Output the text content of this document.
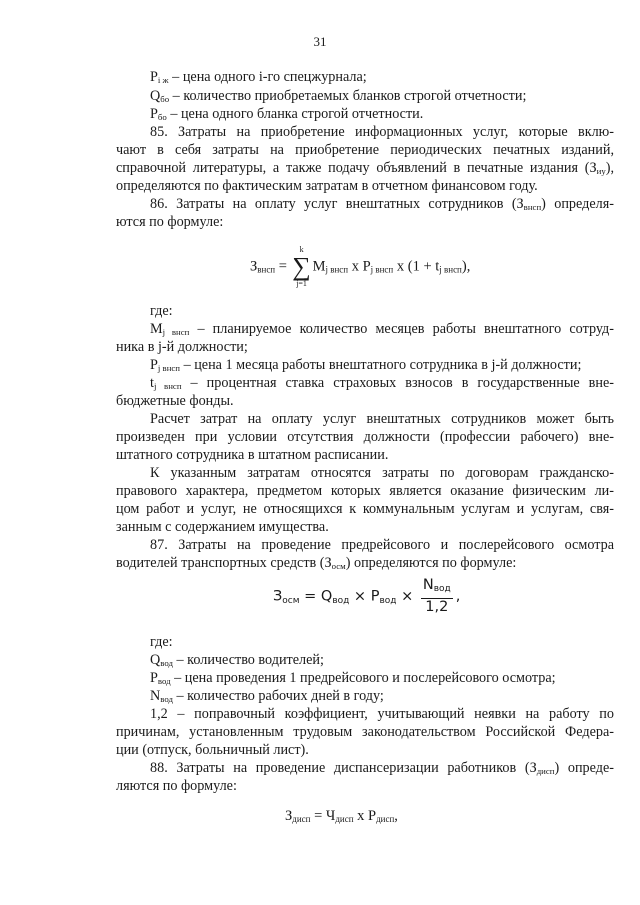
31
$P_{i ж}$ – цена одного i-го спецжурнала;
$Q_{бо}$ – количество приобретаемых бланков строгой отчетности;
$P_{бо}$ – цена одного бланка строгой отчетности.
85. Затраты на приобретение информационных услуг, которые вклю-
чают в себя затраты на приобретение периодических печатных изданий,
справочной литературы, а также подачу объявлений в печатные издания $(З_{иу})$,
определяются по фактическим затратам в отчетном финансовом году.
86. Затраты на оплату услуг внештатных сотрудников $(З_{внсп})$ определя-
ются по формуле:
$З_{внсп}$ =
k
∑
j=1
$M_{j внсп}$ x $P_{j внсп}$ x $(1 + t_{j внсп})$,
где:
$M_{j внсп}$ – планируемое количество месяцев работы внештатного сотруд-
ника в j-й должности;
$P_{j внсп}$ – цена 1 месяца работы внештатного сотрудника в j-й должности;
$t_{j внсп}$ – процентная ставка страховых взносов в государственные вне-
бюджетные фонды.
Расчет затрат на оплату услуг внештатных сотрудников может быть
произведен при условии отсутствия должности (профессии рабочего) вне-
штатного сотрудника в штатном расписании.
К указанным затратам относятся затраты по договорам гражданско-
правового характера, предметом которых является оказание физическим ли-
цом работ и услуг, не относящихся к коммунальным услугам и услугам, свя-
занным с содержанием имущества.
87. Затраты на проведение предрейсового и послерейсового осмотра
водителей транспортных средств $(З_{осм})$ определяются по формуле:
$З_{осм} = Q_{вод} \times P_{вод} \times \frac{N_{вод}}{1,2}$ ,
где:
$Q_{вод}$ – количество водителей;
$P_{вод}$ – цена проведения 1 предрейсового и послерейсового осмотра;
$N_{вод}$ – количество рабочих дней в году;
1,2 – поправочный коэффициент, учитывающий неявки на работу по
причинам, установленным трудовым законодательством Российской Федера-
ции (отпуск, больничный лист).
88. Затраты на проведение диспансеризации работников $(З_{дисп})$ опреде-
ляются по формуле:
$З_{дисп} = Ч_{дисп}$ x $P_{дисп}$,
